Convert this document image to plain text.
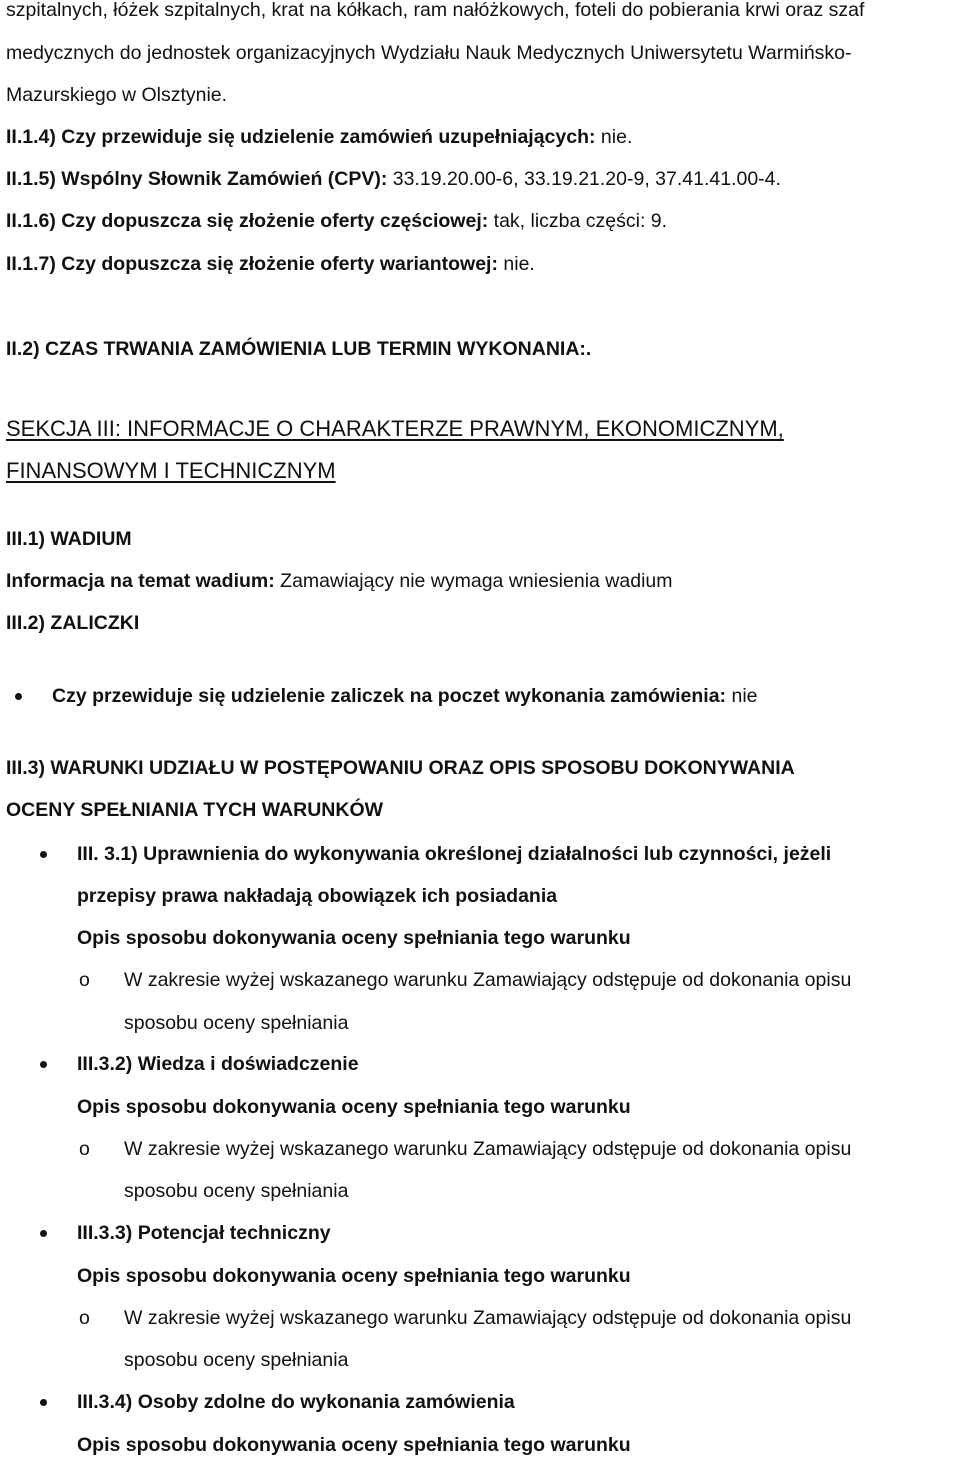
szpitalnych, łóżek szpitalnych, krat na kółkach, ram nałóżkowych, foteli do pobierania krwi oraz szaf
medycznych do jednostek organizacyjnych Wydziału Nauk Medycznych Uniwersytetu Warmińsko-
Mazurskiego w Olsztynie.
II.1.4) Czy przewiduje się udzielenie zamówień uzupełniających: nie.
II.1.5) Wspólny Słownik Zamówień (CPV): 33.19.20.00-6, 33.19.21.20-9, 37.41.41.00-4.
II.1.6) Czy dopuszcza się złożenie oferty częściowej: tak, liczba części: 9.
II.1.7) Czy dopuszcza się złożenie oferty wariantowej: nie.
II.2) CZAS TRWANIA ZAMÓWIENIA LUB TERMIN WYKONANIA:.
SEKCJA III: INFORMACJE O CHARAKTERZE PRAWNYM, EKONOMICZNYM,
FINANSOWYM I TECHNICZNYM
III.1) WADIUM
Informacja na temat wadium: Zamawiający nie wymaga wniesienia wadium
III.2) ZALICZKI
Czy przewiduje się udzielenie zaliczek na poczet wykonania zamówienia: nie
III.3) WARUNKI UDZIAŁU W POSTĘPOWANIU ORAZ OPIS SPOSOBU DOKONYWANIA
OCENY SPEŁNIANIA TYCH WARUNKÓW
III. 3.1) Uprawnienia do wykonywania określonej działalności lub czynności, jeżeli
przepisy prawa nakładają obowiązek ich posiadania
Opis sposobu dokonywania oceny spełniania tego warunku
o W zakresie wyżej wskazanego warunku Zamawiający odstępuje od dokonania opisu
sposobu oceny spełniania
III.3.2) Wiedza i doświadczenie
Opis sposobu dokonywania oceny spełniania tego warunku
o W zakresie wyżej wskazanego warunku Zamawiający odstępuje od dokonania opisu
sposobu oceny spełniania
III.3.3) Potencjał techniczny
Opis sposobu dokonywania oceny spełniania tego warunku
o W zakresie wyżej wskazanego warunku Zamawiający odstępuje od dokonania opisu
sposobu oceny spełniania
III.3.4) Osoby zdolne do wykonania zamówienia
Opis sposobu dokonywania oceny spełniania tego warunku
